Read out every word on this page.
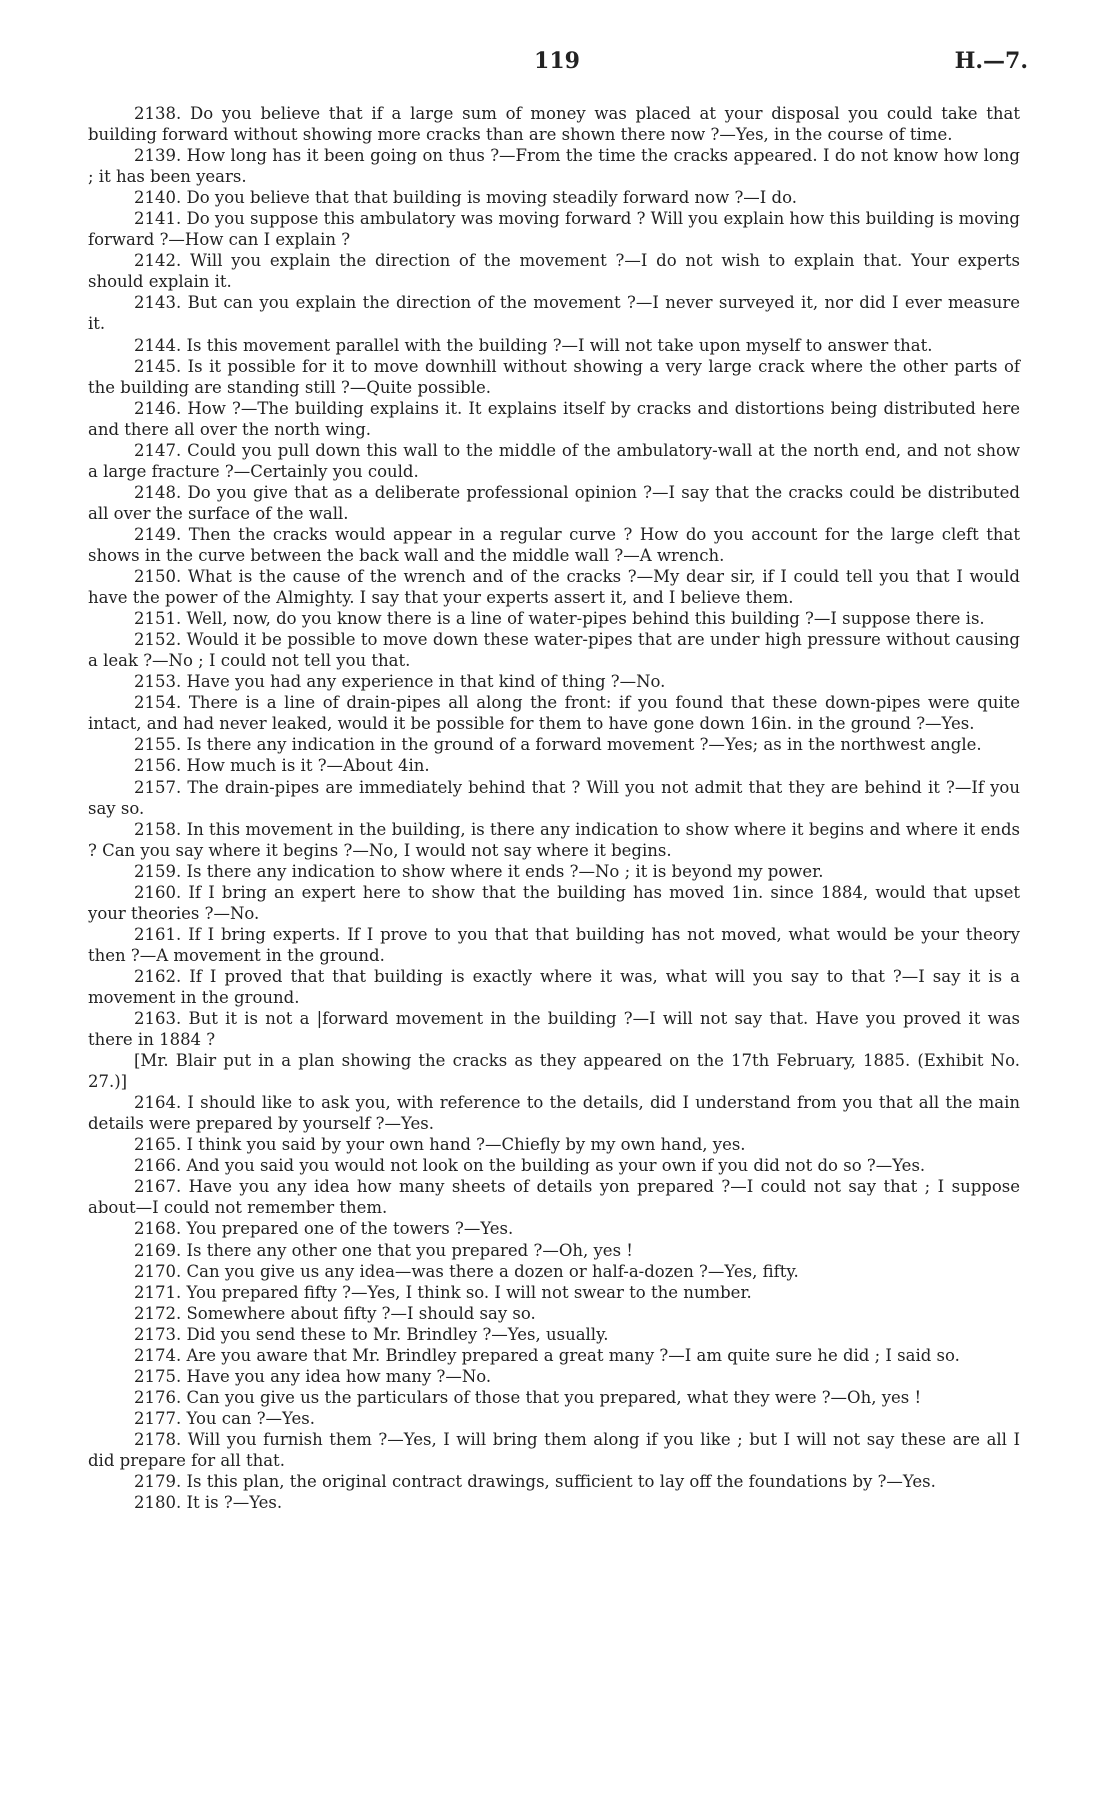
119	H.—7.

2138. Do you believe that if a large sum of money was placed at your disposal you could take that building forward without showing more cracks than are shown there now ?—Yes, in the course of time.

2139. How long has it been going on thus ?—From the time the cracks appeared. I do not know how long ; it has been years.

2140. Do you believe that that building is moving steadily forward now ?—I do.

2141. Do you suppose this ambulatory was moving forward ? Will you explain how this building is moving forward ?—How can I explain ?

2142. Will you explain the direction of the movement ?—I do not wish to explain that. Your experts should explain it.

2143. But can you explain the direction of the movement ?—I never surveyed it, nor did I ever measure it.

2144. Is this movement parallel with the building ?—I will not take upon myself to answer that.

2145. Is it possible for it to move downhill without showing a very large crack where the other parts of the building are standing still ?—Quite possible.

2146. How ?—The building explains it. It explains itself by cracks and distortions being distributed here and there all over the north wing.

2147. Could you pull down this wall to the middle of the ambulatory-wall at the north end, and not show a large fracture ?—Certainly you could.

2148. Do you give that as a deliberate professional opinion ?—I say that the cracks could be distributed all over the surface of the wall.

2149. Then the cracks would appear in a regular curve ? How do you account for the large cleft that shows in the curve between the back wall and the middle wall ?—A wrench.

2150. What is the cause of the wrench and of the cracks ?—My dear sir, if I could tell you that I would have the power of the Almighty. I say that your experts assert it, and I believe them.

2151. Well, now, do you know there is a line of water-pipes behind this building ?—I suppose there is.

2152. Would it be possible to move down these water-pipes that are under high pressure without causing a leak ?—No ; I could not tell you that.

2153. Have you had any experience in that kind of thing ?—No.

2154. There is a line of drain-pipes all along the front: if you found that these down-pipes were quite intact, and had never leaked, would it be possible for them to have gone down 16in. in the ground ?—Yes.

2155. Is there any indication in the ground of a forward movement ?—Yes; as in the northwest angle.

2156. How much is it ?—About 4in.

2157. The drain-pipes are immediately behind that ? Will you not admit that they are behind it ?—If you say so.

2158. In this movement in the building, is there any indication to show where it begins and where it ends ? Can you say where it begins ?—No, I would not say where it begins.

2159. Is there any indication to show where it ends ?—No ; it is beyond my power.

2160. If I bring an expert here to show that the building has moved 1in. since 1884, would that upset your theories ?—No.

2161. If I bring experts. If I prove to you that that building has not moved, what would be your theory then ?—A movement in the ground.

2162. If I proved that that building is exactly where it was, what will you say to that ?—I say it is a movement in the ground.

2163. But it is not a |forward movement in the building ?—I will not say that. Have you proved it was there in 1884 ?

[Mr. Blair put in a plan showing the cracks as they appeared on the 17th February, 1885. (Exhibit No. 27.)]

2164. I should like to ask you, with reference to the details, did I understand from you that all the main details were prepared by yourself ?—Yes.

2165. I think you said by your own hand ?—Chiefly by my own hand, yes.

2166. And you said you would not look on the building as your own if you did not do so ?—Yes.

2167. Have you any idea how many sheets of details yon prepared ?—I could not say that ; I suppose about—I could not remember them.

2168. You prepared one of the towers ?—Yes.

2169. Is there any other one that you prepared ?—Oh, yes !

2170. Can you give us any idea—was there a dozen or half-a-dozen ?—Yes, fifty.

2171. You prepared fifty ?—Yes, I think so. I will not swear to the number.

2172. Somewhere about fifty ?—I should say so.

2173. Did you send these to Mr. Brindley ?—Yes, usually.

2174. Are you aware that Mr. Brindley prepared a great many ?—I am quite sure he did ; I said so.

2175. Have you any idea how many ?—No.

2176. Can you give us the particulars of those that you prepared, what they were ?—Oh, yes !

2177. You can ?—Yes.

2178. Will you furnish them ?—Yes, I will bring them along if you like ; but I will not say these are all I did prepare for all that.

2179. Is this plan, the original contract drawings, sufficient to lay off the foundations by ?—Yes.

2180. It is ?—Yes.
